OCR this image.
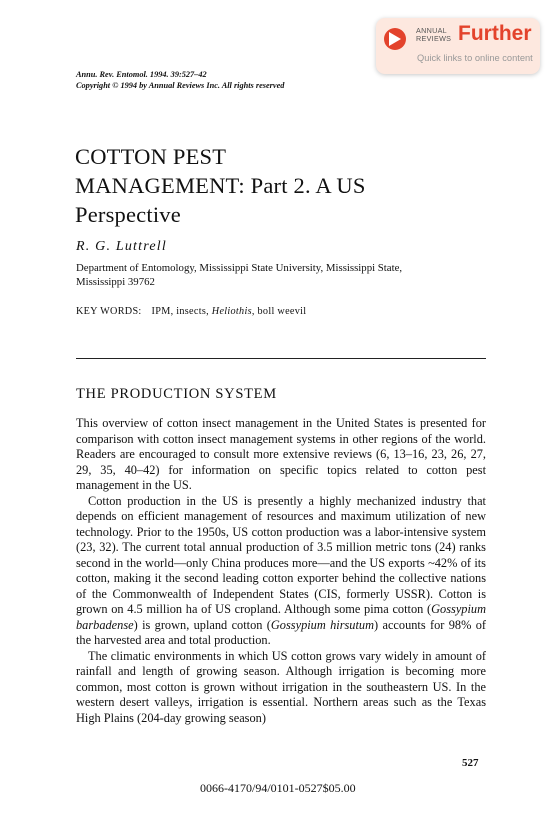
ANNUAL
REVIEWS Further
Quick links to online content
Annu. Rev. Entomol. 1994. 39:527–42
Copyright © 1994 by Annual Reviews Inc. All rights reserved
COTTON PEST
MANAGEMENT: Part 2. A US
Perspective
R. G. Luttrell
Department of Entomology, Mississippi State University, Mississippi State,
Mississippi 39762
KEY WORDS: IPM, insects, Heliothis, boll weevil
THE PRODUCTION SYSTEM

This overview of cotton insect management in the United States is presented for comparison with cotton insect management systems in other regions of the world. Readers are encouraged to consult more extensive reviews (6, 13–16, 23, 26, 27, 29, 35, 40–42) for information on specific topics related to cotton pest management in the US.

Cotton production in the US is presently a highly mechanized industry that depends on efficient management of resources and maximum utilization of new technology. Prior to the 1950s, US cotton production was a labor-intensive system (23, 32). The current total annual production of 3.5 million metric tons (24) ranks second in the world—only China produces more—and the US exports ~42% of its cotton, making it the second leading cotton exporter behind the collective nations of the Commonwealth of Independent States (CIS, formerly USSR). Cotton is grown on 4.5 million ha of US cropland. Although some pima cotton (Gossypium barbadense) is grown, upland cotton (Gossypium hirsutum) accounts for 98% of the harvested area and total production.

The climatic environments in which US cotton grows vary widely in amount of rainfall and length of growing season. Although irrigation is becoming more common, most cotton is grown without irrigation in the southeastern US. In the western desert valleys, irrigation is essential. Northern areas such as the Texas High Plains (204-day growing season)

527
0066-4170/94/0101-0527$05.00
